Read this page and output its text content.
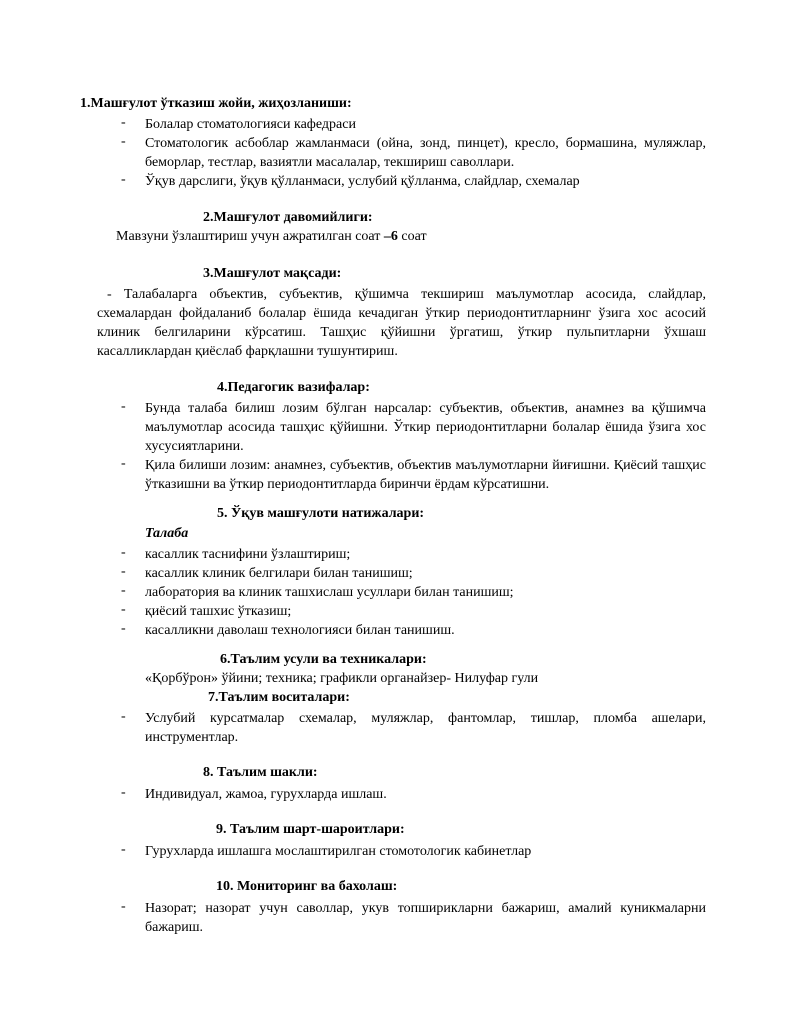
1.Машғулот ўтказиш жойи, жиҳозланиши:
- Болалар стоматологияси кафедраси
- Стоматологик асбоблар жамланмаси (ойна, зонд, пинцет), кресло, бормашина, муляжлар, беморлар, тестлар, вазиятли масалалар, текшириш саволлари.
- Ўқув дарслиги, ўқув қўлланмаси, услубий қўлланма, слайдлар, схемалар
2.Машғулот давомийлиги:
Мавзуни ўзлаштириш учун ажратилган соат –6 соат
3.Машғулот мақсади:
- Талабаларга объектив, субъектив, қўшимча текшириш маълумотлар асосида, слайдлар, схемалардан фойдаланиб болалар ёшида кечадиган ўткир периодонтитларнинг ўзига хос асосий клиник белгиларини кўрсатиш. Ташҳис қўйишни ўргатиш, ўткир пульпитларни ўхшаш касалликлардан қиёслаб фарқлашни тушунтириш.
4.Педагогик вазифалар:
- Бунда талаба билиш лозим бўлган нарсалар: субъектив, объектив, анамнез ва қўшимча маълумотлар асосида ташҳис қўйишни. Ўткир периодонтитларни болалар ёшида ўзига хос хусусиятларини.
- Қила билиши лозим: анамнез, субъектив, объектив маълумотларни йиғишни. Қиёсий ташҳис ўтказишни ва ўткир периодонтитларда биринчи ёрдам кўрсатишни.
5. Ўқув машғулоти натижалари:
Талаба
- касаллик таснифини ўзлаштириш;
- касаллик клиник белгилари билан танишиш;
- лаборатория ва клиник ташхислаш усуллари билан танишиш;
- қиёсий ташхис ўтказиш;
- касалликни даволаш технологияси билан танишиш.
6.Таълим усули ва техникалари:
«Қорбўрон» ўйини; техника; графикли органайзер- Нилуфар гули
7.Таълим воситалари:
- Услубий курсатмалар схемалар, муляжлар, фантомлар, тишлар, пломба ашелари, инструментлар.
8. Таълим шакли:
- Индивидуал, жамоа, гурухларда ишлаш.
9. Таълим шарт-шароитлари:
- Гурухларда ишлашга мослаштирилган стомотологик кабинетлар
10. Мониторинг ва бахолаш:
- Назорат; назорат учун саволлар, укув топширикларни бажариш, амалий куникмаларни бажариш.
